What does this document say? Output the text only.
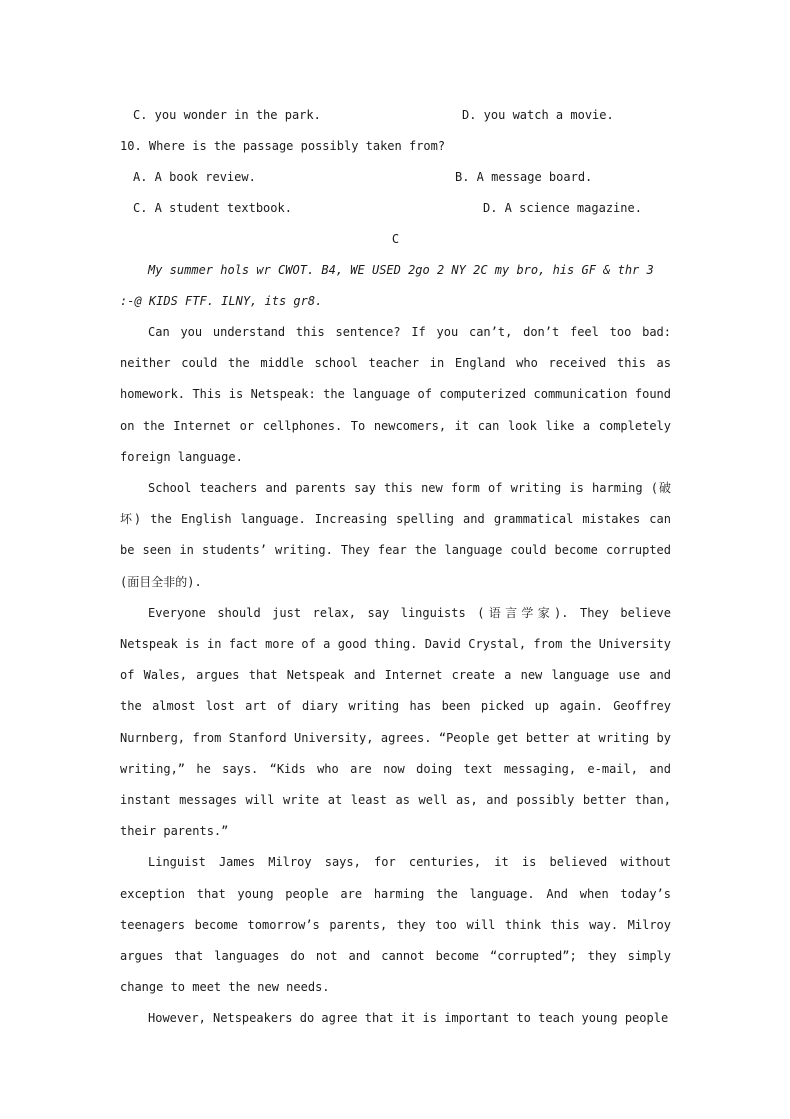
C. you wonder in the park.	D. you watch a movie.
10. Where is the passage possibly taken from?
A. A book review.	B. A message board.
C. A student textbook.	D. A science magazine.
C
My summer hols wr CWOT. B4, WE USED 2go 2 NY 2C my bro, his GF & thr 3 :-@ KIDS FTF. ILNY, its gr8.
Can you understand this sentence? If you can’t, don’t feel too bad: neither could the middle school teacher in England who received this as homework. This is Netspeak: the language of computerized communication found on the Internet or cellphones. To newcomers, it can look like a completely foreign language.
School teachers and parents say this new form of writing is harming (破坏) the English language. Increasing spelling and grammatical mistakes can be seen in students’ writing. They fear the language could become corrupted (面目全非的).
Everyone should just relax, say linguists (语言学家). They believe Netspeak is in fact more of a good thing. David Crystal, from the University of Wales, argues that Netspeak and Internet create a new language use and the almost lost art of diary writing has been picked up again. Geoffrey Nurnberg, from Stanford University, agrees. “People get better at writing by writing,” he says. “Kids who are now doing text messaging, e-mail, and instant messages will write at least as well as, and possibly better than, their parents.”
Linguist James Milroy says, for centuries, it is believed without exception that young people are harming the language. And when today’s teenagers become tomorrow’s parents, they too will think this way. Milroy argues that languages do not and cannot become “corrupted”; they simply change to meet the new needs.
However, Netspeakers do agree that it is important to teach young people
